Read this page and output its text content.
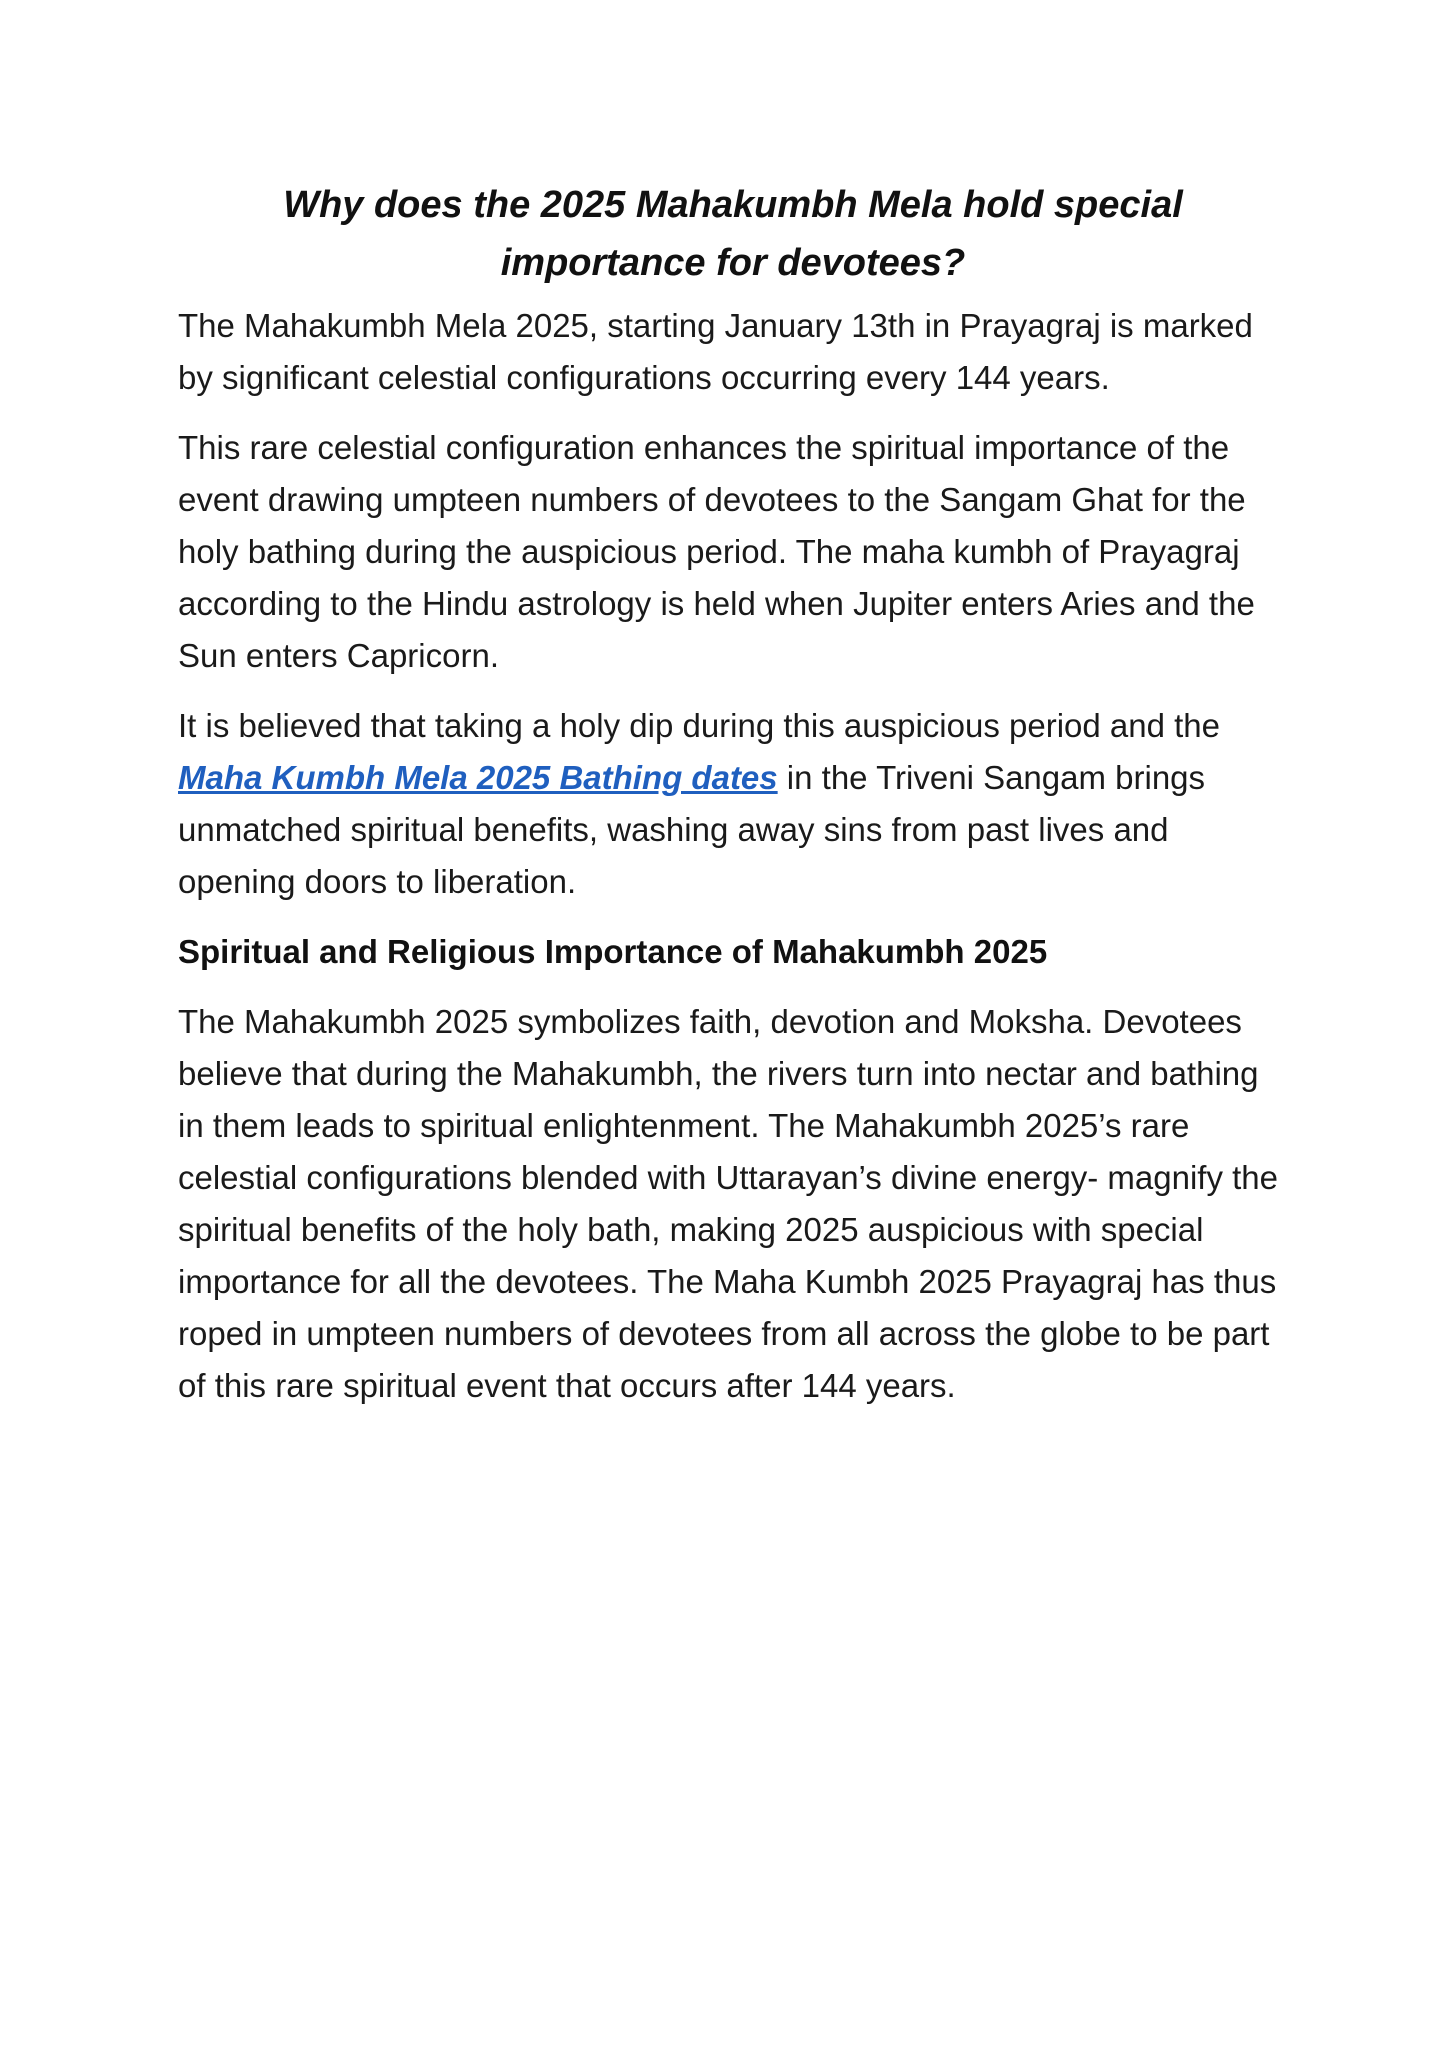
Why does the 2025 Mahakumbh Mela hold special
importance for devotees?

The Mahakumbh Mela 2025, starting January 13th in Prayagraj is marked by significant celestial configurations occurring every 144 years.

This rare celestial configuration enhances the spiritual importance of the event drawing umpteen numbers of devotees to the Sangam Ghat for the holy bathing during the auspicious period. The maha kumbh of Prayagraj according to the Hindu astrology is held when Jupiter enters Aries and the Sun enters Capricorn.

It is believed that taking a holy dip during this auspicious period and the Maha Kumbh Mela 2025 Bathing dates in the Triveni Sangam brings unmatched spiritual benefits, washing away sins from past lives and opening doors to liberation.

Spiritual and Religious Importance of Mahakumbh 2025

The Mahakumbh 2025 symbolizes faith, devotion and Moksha. Devotees believe that during the Mahakumbh, the rivers turn into nectar and bathing in them leads to spiritual enlightenment. The Mahakumbh 2025’s rare celestial configurations blended with Uttarayan’s divine energy- magnify the spiritual benefits of the holy bath, making 2025 auspicious with special importance for all the devotees. The Maha Kumbh 2025 Prayagraj has thus roped in umpteen numbers of devotees from all across the globe to be part of this rare spiritual event that occurs after 144 years.
